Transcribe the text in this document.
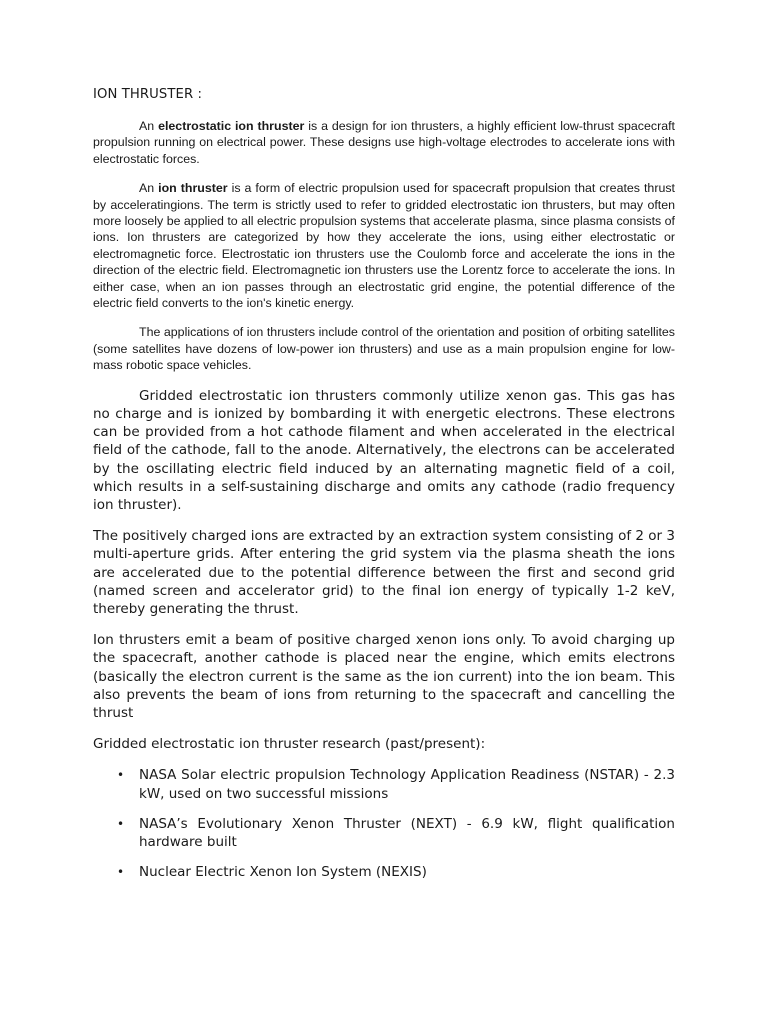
ION THRUSTER :

An electrostatic ion thruster is a design for ion thrusters, a highly efficient low-thrust spacecraft propulsion running on electrical power. These designs use high-voltage electrodes to accelerate ions with electrostatic forces.

An ion thruster is a form of electric propulsion used for spacecraft propulsion that creates thrust by acceleratingions. The term is strictly used to refer to gridded electrostatic ion thrusters, but may often more loosely be applied to all electric propulsion systems that accelerate plasma, since plasma consists of ions. Ion thrusters are categorized by how they accelerate the ions, using either electrostatic or electromagnetic force. Electrostatic ion thrusters use the Coulomb force and accelerate the ions in the direction of the electric field. Electromagnetic ion thrusters use the Lorentz force to accelerate the ions. In either case, when an ion passes through an electrostatic grid engine, the potential difference of the electric field converts to the ion's kinetic energy.

The applications of ion thrusters include control of the orientation and position of orbiting satellites (some satellites have dozens of low-power ion thrusters) and use as a main propulsion engine for low-mass robotic space vehicles.

Gridded electrostatic ion thrusters commonly utilize xenon gas. This gas has no charge and is ionized by bombarding it with energetic electrons. These electrons can be provided from a hot cathode filament and when accelerated in the electrical field of the cathode, fall to the anode. Alternatively, the electrons can be accelerated by the oscillating electric field induced by an alternating magnetic field of a coil, which results in a self-sustaining discharge and omits any cathode (radio frequency ion thruster).

The positively charged ions are extracted by an extraction system consisting of 2 or 3 multi-aperture grids. After entering the grid system via the plasma sheath the ions are accelerated due to the potential difference between the first and second grid (named screen and accelerator grid) to the final ion energy of typically 1-2 keV, thereby generating the thrust.

Ion thrusters emit a beam of positive charged xenon ions only. To avoid charging up the spacecraft, another cathode is placed near the engine, which emits electrons (basically the electron current is the same as the ion current) into the ion beam. This also prevents the beam of ions from returning to the spacecraft and cancelling the thrust

Gridded electrostatic ion thruster research (past/present):

• NASA Solar electric propulsion Technology Application Readiness (NSTAR) - 2.3 kW, used on two successful missions
• NASA’s Evolutionary Xenon Thruster (NEXT) - 6.9 kW, flight qualification hardware built
• Nuclear Electric Xenon Ion System (NEXIS)
